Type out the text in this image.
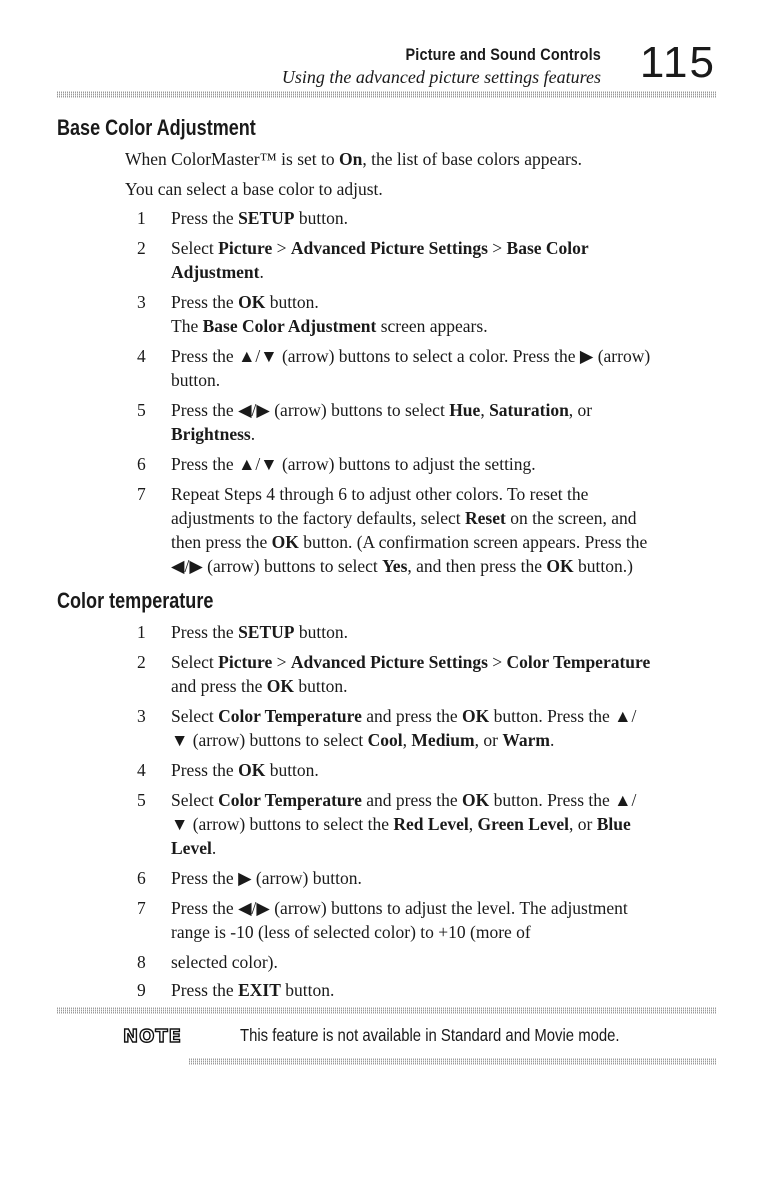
Picture and Sound Controls
Using the advanced picture settings features 115
Base Color Adjustment

When ColorMaster™ is set to On, the list of base colors appears.

You can select a base color to adjust.

1 Press the SETUP button.
2 Select Picture > Advanced Picture Settings > Base Color
Adjustment.
3 Press the OK button.
The Base Color Adjustment screen appears.
4 Press the ▲/▼ (arrow) buttons to select a color. Press the ▶ (arrow)
button.
5 Press the ◀/▶ (arrow) buttons to select Hue, Saturation, or
Brightness.
6 Press the ▲/▼ (arrow) buttons to adjust the setting.
7 Repeat Steps 4 through 6 to adjust other colors. To reset the
adjustments to the factory defaults, select Reset on the screen, and
then press the OK button. (A confirmation screen appears. Press the
◀/▶ (arrow) buttons to select Yes, and then press the OK button.)
Color temperature
1 Press the SETUP button.
2 Select Picture > Advanced Picture Settings > Color Temperature
and press the OK button.
3 Select Color Temperature and press the OK button. Press the ▲/
▼ (arrow) buttons to select Cool, Medium, or Warm.
4 Press the OK button.
5 Select Color Temperature and press the OK button. Press the ▲/
▼ (arrow) buttons to select the Red Level, Green Level, or Blue
Level.
6 Press the ▶ (arrow) button.
7 Press the ◀/▶ (arrow) buttons to adjust the level. The adjustment
range is -10 (less of selected color) to +10 (more of
8 selected color).
9 Press the EXIT button.
NOTE	This feature is not available in Standard and Movie mode.
